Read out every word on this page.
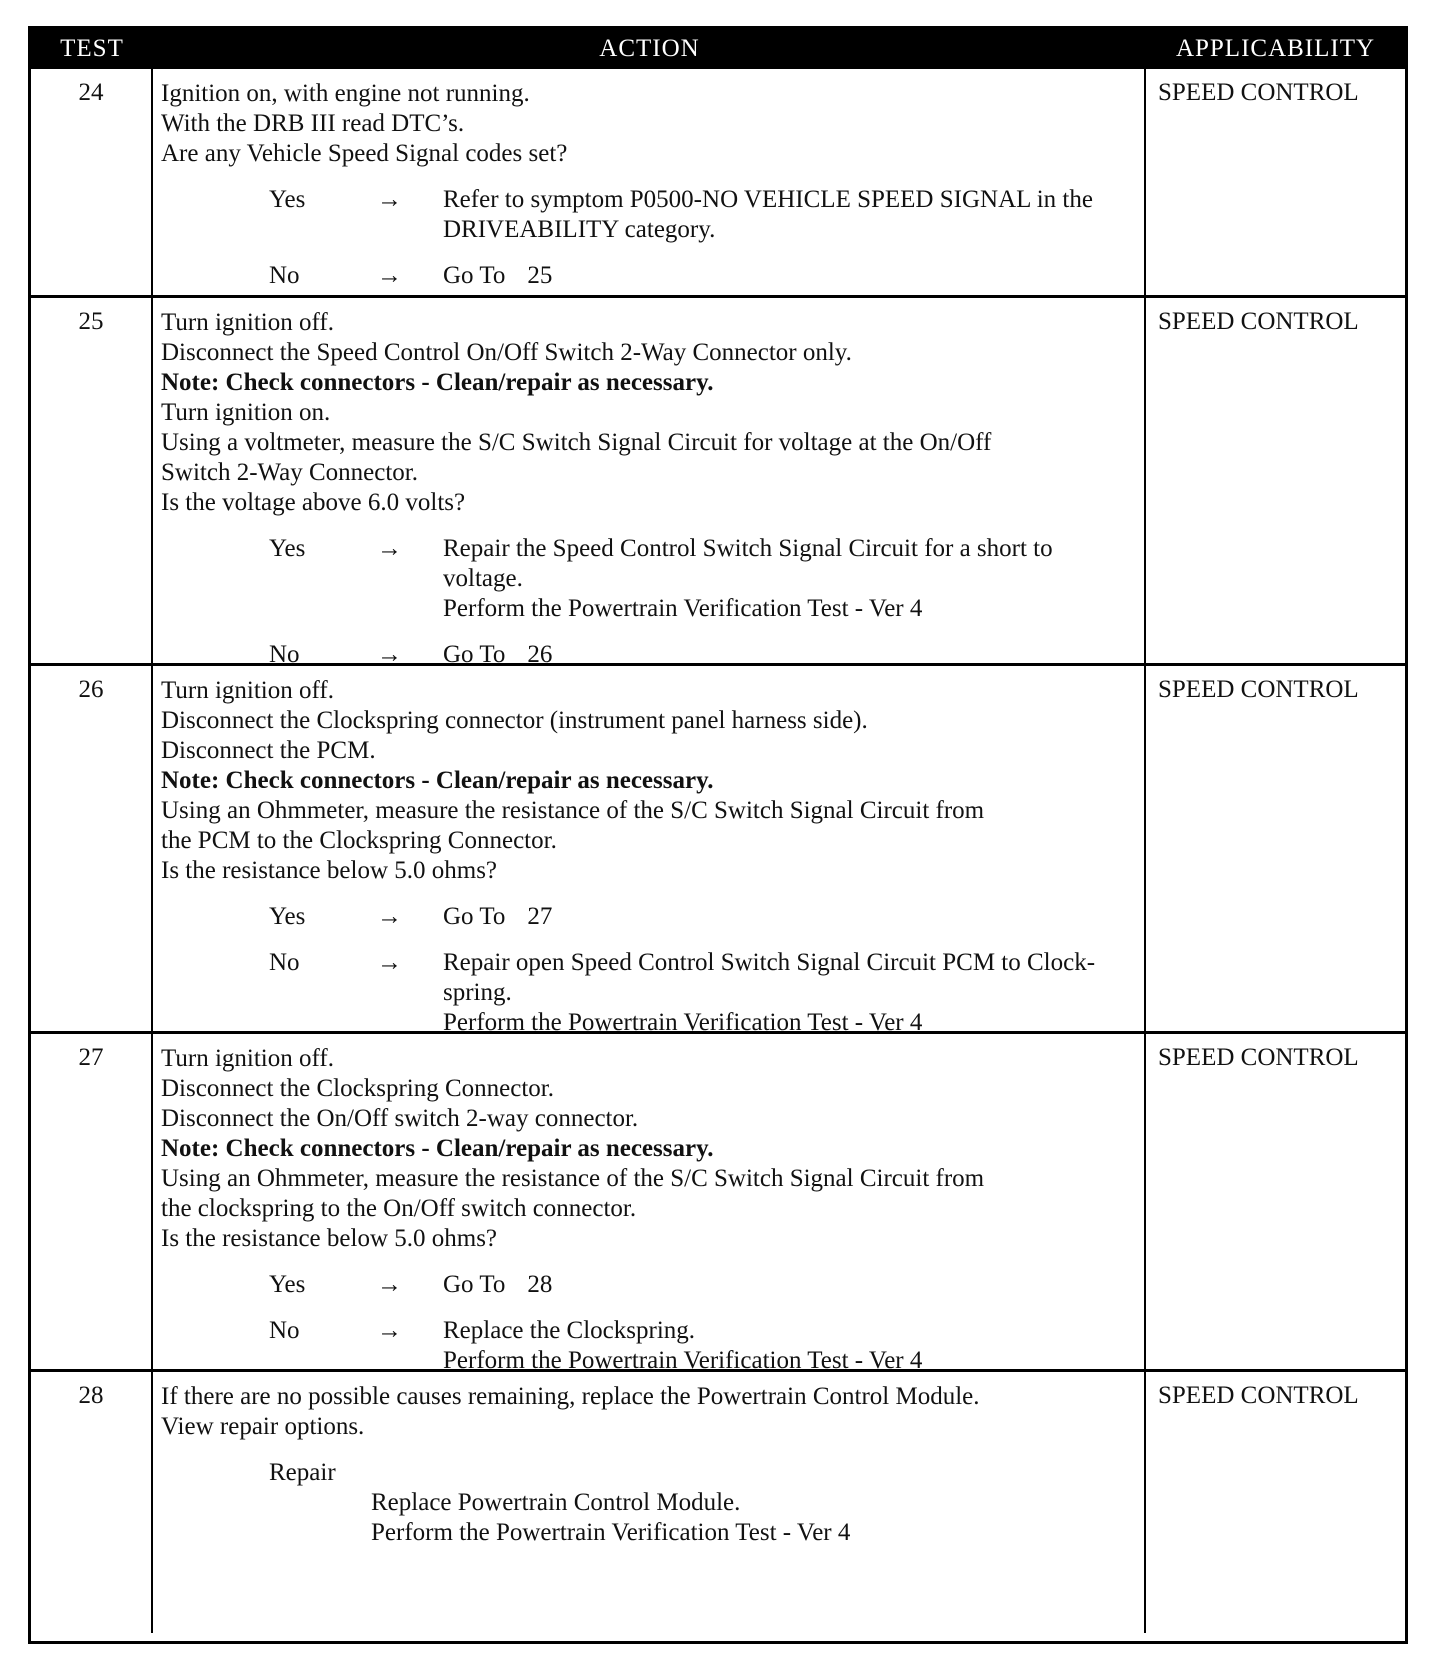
TEST	ACTION	APPLICABILITY
24	Ignition on, with engine not running.
With the DRB III read DTC’s.
Are any Vehicle Speed Signal codes set?
Yes	→	Refer to symptom P0500-NO VEHICLE SPEED SIGNAL in the
DRIVEABILITY category.
No	→	Go To 25
SPEED CONTROL
25	Turn ignition off.
Disconnect the Speed Control On/Off Switch 2-Way Connector only.
Note: Check connectors - Clean/repair as necessary.
Turn ignition on.
Using a voltmeter, measure the S/C Switch Signal Circuit for voltage at the On/Off
Switch 2-Way Connector.
Is the voltage above 6.0 volts?
Yes	→	Repair the Speed Control Switch Signal Circuit for a short to
voltage.
Perform the Powertrain Verification Test - Ver 4
No	→	Go To 26
SPEED CONTROL
26	Turn ignition off.
Disconnect the Clockspring connector (instrument panel harness side).
Disconnect the PCM.
Note: Check connectors - Clean/repair as necessary.
Using an Ohmmeter, measure the resistance of the S/C Switch Signal Circuit from
the PCM to the Clockspring Connector.
Is the resistance below 5.0 ohms?
Yes	→	Go To 27
No	→	Repair open Speed Control Switch Signal Circuit PCM to Clock-
spring.
Perform the Powertrain Verification Test - Ver 4
SPEED CONTROL
27	Turn ignition off.
Disconnect the Clockspring Connector.
Disconnect the On/Off switch 2-way connector.
Note: Check connectors - Clean/repair as necessary.
Using an Ohmmeter, measure the resistance of the S/C Switch Signal Circuit from
the clockspring to the On/Off switch connector.
Is the resistance below 5.0 ohms?
Yes	→	Go To 28
No	→	Replace the Clockspring.
Perform the Powertrain Verification Test - Ver 4
SPEED CONTROL
28	If there are no possible causes remaining, replace the Powertrain Control Module.
View repair options.
Repair
Replace Powertrain Control Module.
Perform the Powertrain Verification Test - Ver 4
SPEED CONTROL
